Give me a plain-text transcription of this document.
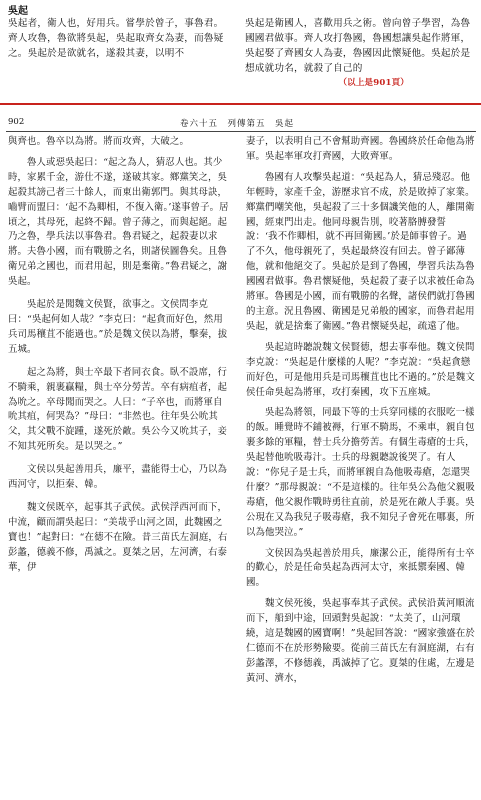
吳起

吳起者，衛人也，好用兵。嘗學於曾子，事魯君。齊人攻魯，魯欲將吳起，吳起取齊女為妻，而魯疑之。吳起於是欲就名，遂殺其妻，以明不

吳起是衛國人，喜歡用兵之術。曾向曾子學習，為魯國國君做事。齊人攻打魯國，魯國想讓吳起作將軍，吳起娶了齊國女人為妻，魯國因此懷疑他。吳起於是想成就功名，就殺了自己的

（以上是901頁）
902	卷六十五　列傳第五　吳起

與齊也。魯卒以為將。將而攻齊，大破之。

魯人或惡吳起曰：“起之為人，猜忍人也。其少時，家累千金，游仕不遂，遂破其家。鄉黨笑之，吳起殺其謗己者三十餘人，而東出衛郭門。與其母訣，嚙臂而盟曰：‘起不為卿相，不復入衛。’遂事曾子。居頃之，其母死，起終不歸。曾子薄之，而與起絕。起乃之魯，學兵法以事魯君。魯君疑之，起殺妻以求將。夫魯小國，而有戰勝之名，則諸侯圖魯矣。且魯衛兄弟之國也，而君用起，則是棄衛。”魯君疑之，謝吳起。

吳起於是聞魏文侯賢，欲事之。文侯問李克曰：“吳起何如人哉？”李克曰：“起貪而好色，然用兵司馬穰苴不能過也。”於是魏文侯以為將，擊秦，拔五城。

起之為將，與士卒最下者同衣食。臥不設席，行不騎乘，親裹贏糧，與士卒分勞苦。卒有病疽者，起為吮之。卒母聞而哭之。人曰：“子卒也，而將軍自吮其疽，何哭為？”母曰：“非然也。往年吳公吮其父，其父戰不旋踵，遂死於敵。吳公今又吮其子，妾不知其死所矣。是以哭之。”

文侯以吳起善用兵，廉平，盡能得士心，乃以為西河守，以拒秦、韓。

魏文侯既卒，起事其子武侯。武侯浮西河而下，中流，顧而謂吳起曰：“美哉乎山河之固，此魏國之寶也！”起對曰：“在德不在險。昔三苗氏左洞庭，右彭蠡，德義不修，禹滅之。夏桀之居，左河濟，右泰華，伊

妻子，以表明自己不會幫助齊國。魯國終於任命他為將軍。吳起率軍攻打齊國，大敗齊軍。

魯國有人攻擊吳起道：“吳起為人，猜忌殘忍。他年輕時，家產千金，游歷求官不成，於是敗掉了家業。鄉黨們嘲笑他，吳起殺了三十多個譏笑他的人，離開衛國，經東門出走。他同母親告別，咬著胳膊發誓說：‘我不作卿相，就不再回衛國。’於是師事曾子。過了不久，他母親死了，吳起最終沒有回去。曾子鄙薄他，就和他絕交了。吳起於是到了魯國，學習兵法為魯國國君做事。魯君懷疑他，吳起殺了妻子以求被任命為將軍。魯國是小國，而有戰勝的名聲，諸侯們就打魯國的主意。況且魯國、衛國是兄弟般的國家，而魯君起用吳起，就是捨棄了衛國。”魯君懷疑吳起，疏遠了他。

吳起這時聽說魏文侯賢德，想去事奉他。魏文侯問李克說：“吳起是什麼樣的人呢？”李克說：“吳起貪戀而好色，可是他用兵是司馬穰苴也比不過的。”於是魏文侯任命吳起為將軍，攻打秦國，攻下五座城。

吳起為將領，同最下等的士兵穿同樣的衣服吃一樣的飯。睡覺時不鋪被褥，行軍不騎馬，不乘車，親自包裹多餘的軍糧，替士兵分擔勞苦。有個生毒瘡的士兵，吳起替他吮吸毒汁。士兵的母親聽說後哭了。有人說：“你兒子是士兵，而將軍親自為他吸毒瘡，怎還哭什麼？”那母親說：“不是這樣的。往年吳公為他父親吸毒瘡，他父親作戰時勇往直前，於是死在敵人手裏。吳公現在又為我兒子吸毒瘡，我不知兒子會死在哪裏，所以為他哭泣。”

文侯因為吳起善於用兵，廉潔公正，能得所有士卒的歡心，於是任命吳起為西河太守，來抵禦秦國、韓國。

魏文侯死後，吳起事奉其子武侯。武侯沿黃河順流而下，船到中途，回頭對吳起說：“太美了，山河環繞，這是魏國的國寶啊！”吳起回答說：“國家強盛在於仁德而不在於形勢險要。從前三苗氏左有洞庭湖，右有彭蠡澤，不修德義，禹滅掉了它。夏桀的住處，左邊是黃河、濟水，
